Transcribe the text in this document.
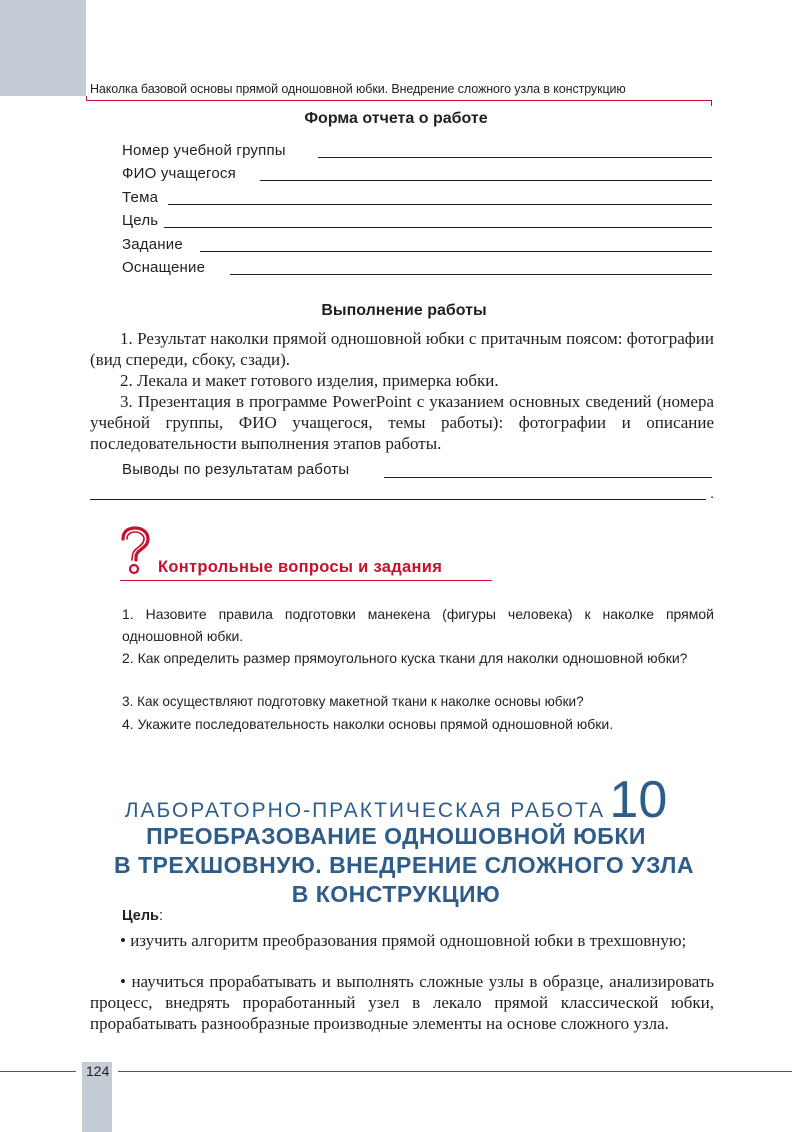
Наколка базовой основы прямой одношовной юбки. Внедрение сложного узла в конструкцию
Форма отчета о работе
Номер учебной группы
ФИО учащегося
Тема
Цель
Задание
Оснащение
Выполнение работы
1. Результат наколки прямой одношовной юбки с притачным поясом: фотографии (вид спереди, сбоку, сзади).
2. Лекала и макет готового изделия, примерка юбки.
3. Презентация в программе PowerPoint с указанием основных сведений (номера учебной группы, ФИО учащегося, темы работы): фотографии и описание последовательности выполнения этапов работы.
Выводы по результатам работы
.
Контрольные вопросы и задания
1. Назовите правила подготовки манекена (фигуры человека) к наколке прямой одношовной юбки.
2. Как определить размер прямоугольного куска ткани для наколки одношовной юбки?
3. Как осуществляют подготовку макетной ткани к наколке основы юбки?
4. Укажите последовательность наколки основы прямой одношовной юбки.
ЛАБОРАТОРНО-ПРАКТИЧЕСКАЯ РАБОТА 10
ПРЕОБРАЗОВАНИЕ ОДНОШОВНОЙ ЮБКИ
В ТРЕХШОВНУЮ. ВНЕДРЕНИЕ СЛОЖНОГО УЗЛА
В КОНСТРУКЦИЮ
Цель:
• изучить алгоритм преобразования прямой одношовной юбки в трехшовную;
• научиться прорабатывать и выполнять сложные узлы в образце, анализировать процесс, внедрять проработанный узел в лекало прямой классической юбки, прорабатывать разнообразные производные элементы на основе сложного узла.
124
